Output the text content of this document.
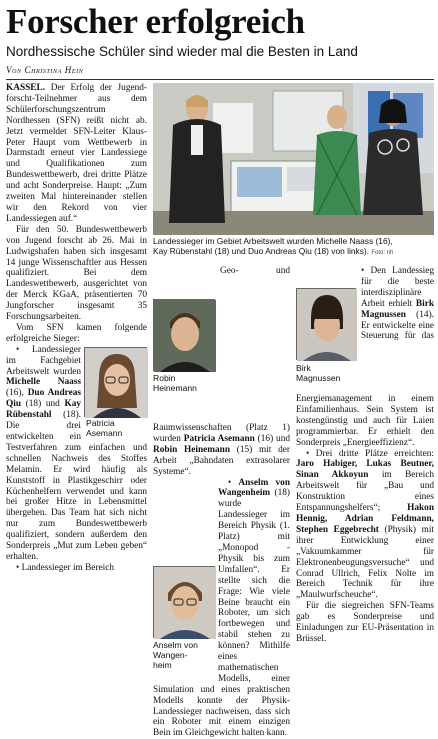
Forscher erfolgreich
Nordhessische Schüler sind wieder mal die Besten in Land
Von Christina Hein
Landessieger im Gebiet Arbeitswelt wurden Michelle Naass (16),
Kay Rübenstahl (18) und Duo Andreas Qiu (18) von links). Foto: nh

KASSEL. Der Erfolg der Jugend-forscht-Teilnehmer aus dem Schülerforschungszentrum Nordhessen (SFN) reißt nicht ab. Jetzt vermeldet SFN-Leiter Klaus-Peter Haupt vom Wettbewerb in Darmstadt erneut vier Landessiege und Qualifikationen zum Bundeswettbewerb, drei dritte Plätze und acht Sonderpreise. Haupt: „Zum zweiten Mal hintereinander stellen wir den Rekord von vier Landessiegen auf.“

Für den 50. Bundeswettbewerb von Jugend forscht ab 26. Mai in Ludwigshafen haben sich insgesamt 14 junge Wissenschaftler aus Hessen qualifiziert. Bei dem Landeswettbewerb, ausgerichtet von der Merck KGaA, präsentierten 70 Jungforscher insgesamt 35 Forschungsarbeiten.

Vom SFN kamen folgende erfolgreiche Sieger:

Patricia
Asemann

• Landessieger im Fachgebiet Arbeitswelt wurden Michelle Naass (16), Duo Andreas Qiu (18) und Kay Rübenstahl (18). Die drei entwickelten ein Testverfahren zum einfachen und schnellen Nachweis des Stoffes Melamin. Er wird häufig als Kunststoff in Plastikgeschirr oder Küchenhelfern verwendet und kann bei großer Hitze in Lebensmittel übergehen. Das Team hat sich nicht nur zum Bundeswettbewerb qualifiziert, sondern außerdem den Sonderpreis „Mut zum Leben geben“ erhalten.

• Landessieger im Bereich

Robin
Heinemann

Geo- und Raumwissenschaften (Platz 1) wurden Patricia Asemann (16) und Robin Heinemann (15) mit der Arbeit „Bahndaten extrasolarer Systeme“.

Anselm von
Wangen-
heim

• Anselm von Wangenheim (18) wurde Landessieger im Bereich Physik (1. Platz) mit „Monopod - Physik bis zum Umfallen“. Er stellte sich die Frage: Wie viele Beine braucht ein Roboter, um sich fortbewegen und stabil stehen zu können? Mithilfe eines mathematischen Modells, einer Simulation und eines praktischen Modells konnte der Physik-Landessieger nachweisen, dass sich ein Roboter mit einem einzigen Bein im Gleichgewicht halten kann.

Birk
Magnussen

• Den Landessieg für die beste interdisziplinäre Arbeit erhielt Birk Magnussen (14). Er entwickelte eine Steuerung für das Energiemanagement in einem Einfamilienhaus. Sein System ist kostengünstig und auch für Laien programmierbar. Er erhielt den Sonderpreis „Energieeffizienz“.

• Drei dritte Plätze erreichten: Jaro Habiger, Lukas Beutner, Sinan Akkoyun im Bereich Arbeitswelt für „Bau und Konstruktion eines Entspannungshelfers“; Hakon Hennig, Adrian Feldmann, Stephen Eggebrecht (Physik) mit ihrer Entwicklung einer „Vakuumkammer für Elektronenbeugungsversuche“ und Conrad Ullrich, Felix Nolte im Bereich Technik für ihre „Maulwurfscheuche“.

Für die siegreichen SFN-Teams gab es Sonderpreise und Einladungen zur EU-Präsentation in Brüssel.
